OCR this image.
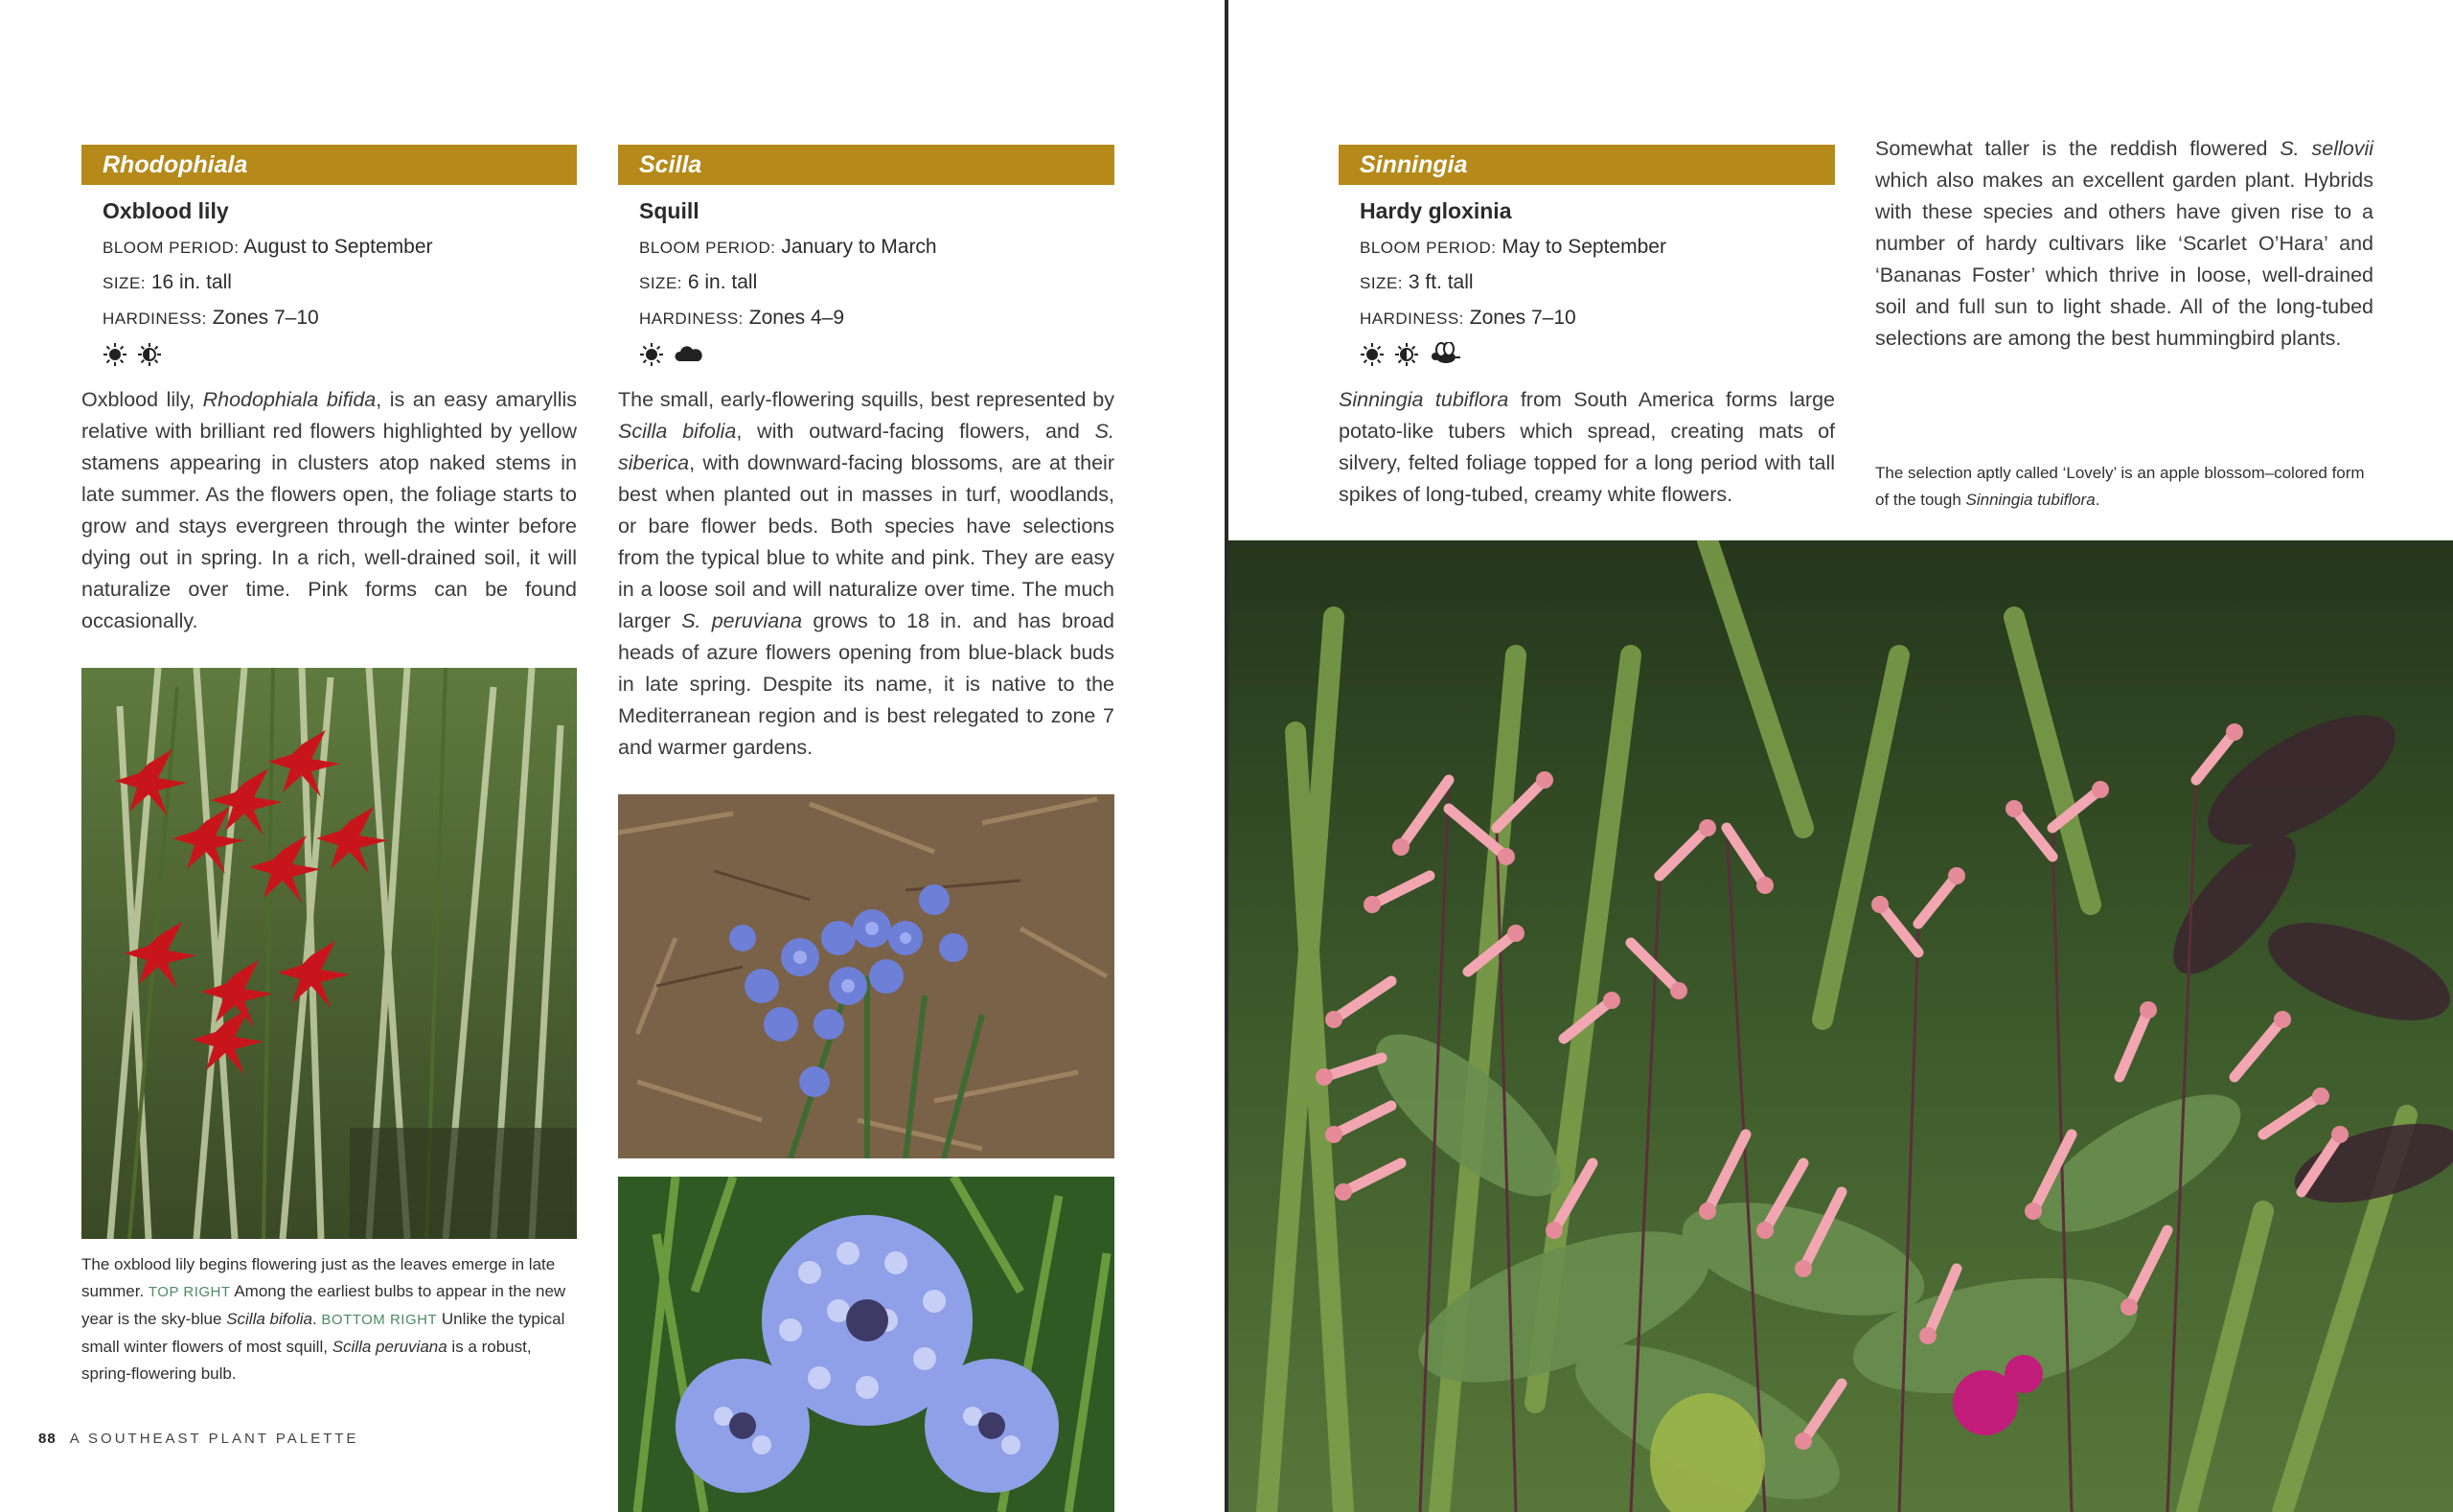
Rhodophiala
Oxblood lily
BLOOM PERIOD: August to September
SIZE: 16 in. tall
HARDINESS: Zones 7–10
Oxblood lily, Rhodophiala bifida, is an easy amaryllis relative with brilliant red flowers highlighted by yellow stamens appearing in clusters atop naked stems in late summer. As the flowers open, the foliage starts to grow and stays evergreen through the winter before dying out in spring. In a rich, well-drained soil, it will naturalize over time. Pink forms can be found occasionally.
The oxblood lily begins flowering just as the leaves emerge in late summer. TOP RIGHT Among the earliest bulbs to appear in the new year is the sky-blue Scilla bifolia. BOTTOM RIGHT Unlike the typical small winter flowers of most squill, Scilla peruviana is a robust, spring-flowering bulb.
Scilla
Squill
BLOOM PERIOD: January to March
SIZE: 6 in. tall
HARDINESS: Zones 4–9
The small, early-flowering squills, best represented by Scilla bifolia, with outward-facing flowers, and S. siberica, with downward-facing blossoms, are at their best when planted out in masses in turf, woodlands, or bare flower beds. Both species have selections from the typical blue to white and pink. They are easy in a loose soil and will naturalize over time. The much larger S. peruviana grows to 18 in. and has broad heads of azure flowers opening from blue-black buds in late spring. Despite its name, it is native to the Mediterranean region and is best relegated to zone 7 and warmer gardens.
88 A SOUTHEAST PLANT PALETTE
Sinningia
Hardy gloxinia
BLOOM PERIOD: May to September
SIZE: 3 ft. tall
HARDINESS: Zones 7–10
Sinningia tubiflora from South America forms large potato-like tubers which spread, creating mats of silvery, felted foliage topped for a long period with tall spikes of long-tubed, creamy white flowers.
Somewhat taller is the reddish flowered S. sellovii which also makes an excellent garden plant. Hybrids with these species and others have given rise to a number of hardy cultivars like ‘Scarlet O’Hara’ and ‘Bananas Foster’ which thrive in loose, well-drained soil and full sun to light shade. All of the long-tubed selections are among the best hummingbird plants.
The selection aptly called ‘Lovely’ is an apple blossom–colored form of the tough Sinningia tubiflora.
